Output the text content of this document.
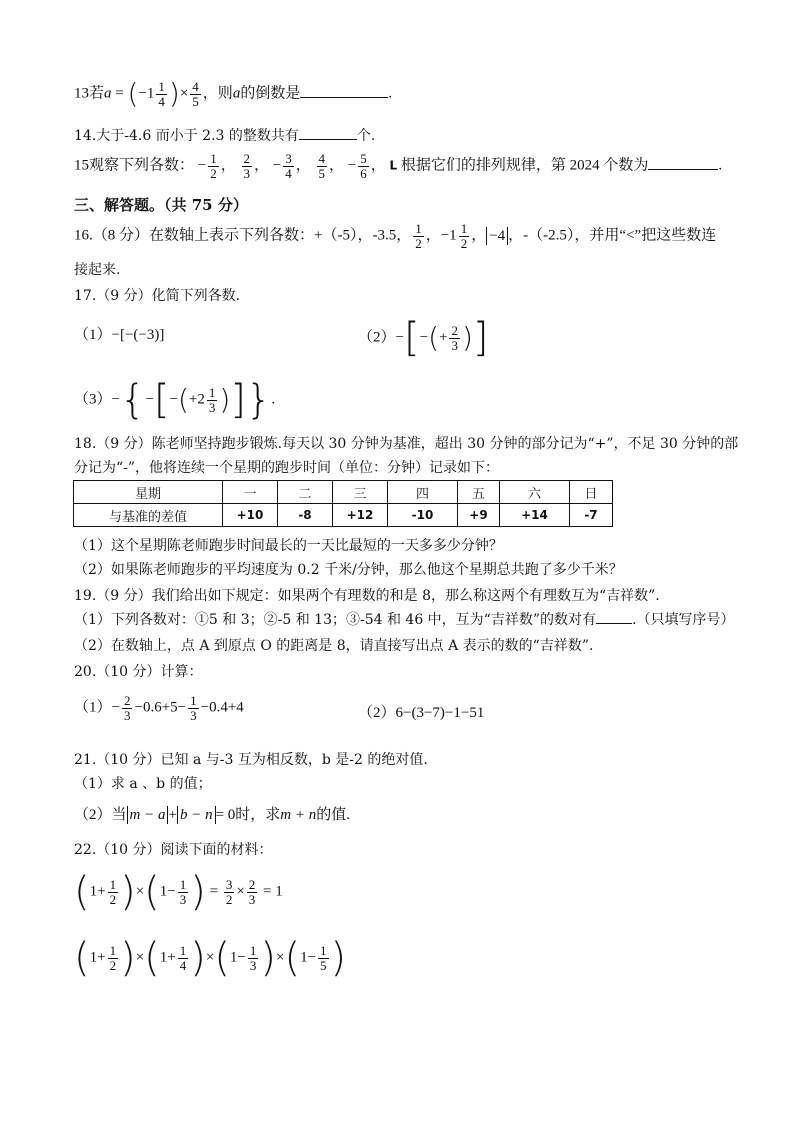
13若$a = (-1 \frac{1}{4}$ )× $\frac{4}{5}$ ，则a的倒数是	.
14.大于-4.6 而小于 2.3 的整数共有	个.
15观察下列各数： − $\frac{1}{2}$ ， $\frac{2}{3}$ ， − $\frac{3}{4}$ ， $\frac{4}{5}$ ， − $\frac{5}{6}$ ， L 根据它们的排列规律，第 2024 个数为	.
三、解答题。（共 75 分）
16.（8 分）在数轴上表示下列各数：+（-5），-3.5， $\frac{1}{2}$ ，$-1 \frac{1}{2}$ ， −4 ，-（-2.5），并用“<”把这些数连
接起来.
17.（9 分）化简下列各数.
（1）−[−(−3)]	$(2)-[-(+ \frac{2}{3}$ )]
$(3)-\{-[-(+2 \frac{1}{3}$ )]}.
18.（9 分）陈老师坚持跑步锻炼.每天以 30 分钟为基准，超出 30 分钟的部分记为“+”，不足 30 分钟的部
分记为“-”，他将连续一个星期的跑步时间（单位：分钟）记录如下：
星期	一	二	三	四	五	六	日
与基准的差值	+10	-8	+12	-10	+9	+14	-7
（1）这个星期陈老师跑步时间最长的一天比最短的一天多多少分钟？
（2）如果陈老师跑步的平均速度为 0.2 千米/分钟，那么他这个星期总共跑了多少千米？
19.（9 分）我们给出如下规定：如果两个有理数的和是 8，那么称这两个有理数互为“吉祥数”.
（1）下列各数对：①5 和 3；②-5 和 13；③-54 和 46 中，互为“吉祥数”的数对有	.（只填写序号）
（2）在数轴上，点 A 到原点 O 的距离是 8，请直接写出点 A 表示的数的“吉祥数”.
20.（10 分）计算：
$(1)- \frac{2}{3} -0.6+5- \frac{1}{3} -0.4+4$	（2）6−(3−7)−1−51
21.（10 分）已知 a 与-3 互为相反数，b 是-2 的绝对值.
（1）求 a 、b 的值；
（2）当 m − a + b − n = 0时，求m + n的值.
22.（10 分）阅读下面的材料：
$(1+ \frac{1}{2} )\times(1- \frac{1}{3}$ ) = $\frac{3}{2} \times \frac{2}{3} = 1$
$(1+ \frac{1}{2} )\times(1+ \frac{1}{4} )\times(1- \frac{1}{3} )\times(1- \frac{1}{5}$ )
